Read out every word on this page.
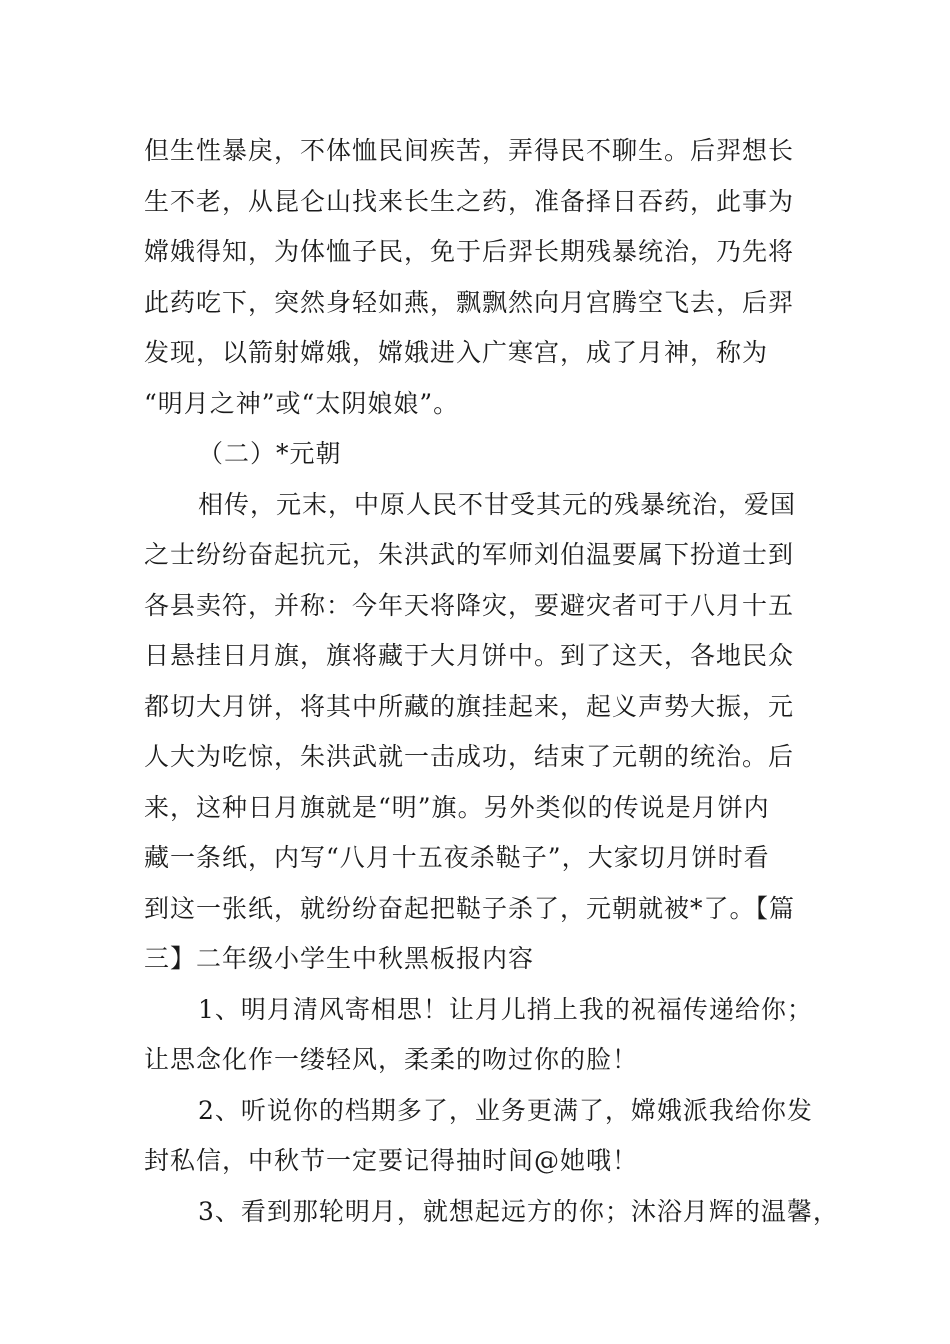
但生性暴戾，不体恤民间疾苦，弄得民不聊生。后羿想长
生不老，从昆仑山找来长生之药，准备择日吞药，此事为
嫦娥得知，为体恤子民，免于后羿长期残暴统治，乃先将
此药吃下，突然身轻如燕，飘飘然向月宫腾空飞去，后羿
发现，以箭射嫦娥，嫦娥进入广寒宫，成了月神，称为
“明月之神”或“太阴娘娘”。
（二）*元朝
相传，元末，中原人民不甘受其元的残暴统治，爱国
之士纷纷奋起抗元，朱洪武的军师刘伯温要属下扮道士到
各县卖符，并称：今年天将降灾，要避灾者可于八月十五
日悬挂日月旗，旗将藏于大月饼中。到了这天，各地民众
都切大月饼，将其中所藏的旗挂起来，起义声势大振，元
人大为吃惊，朱洪武就一击成功，结束了元朝的统治。后
来，这种日月旗就是“明”旗。另外类似的传说是月饼内
藏一条纸，内写“八月十五夜杀鞑子”，大家切月饼时看
到这一张纸，就纷纷奋起把鞑子杀了，元朝就被*了。【篇
三】二年级小学生中秋黑板报内容
1、明月清风寄相思！让月儿捎上我的祝福传递给你；
让思念化作一缕轻风，柔柔的吻过你的脸！
2、听说你的档期多了，业务更满了，嫦娥派我给你发
封私信，中秋节一定要记得抽时间@她哦！
3、看到那轮明月，就想起远方的你；沐浴月辉的温馨，
